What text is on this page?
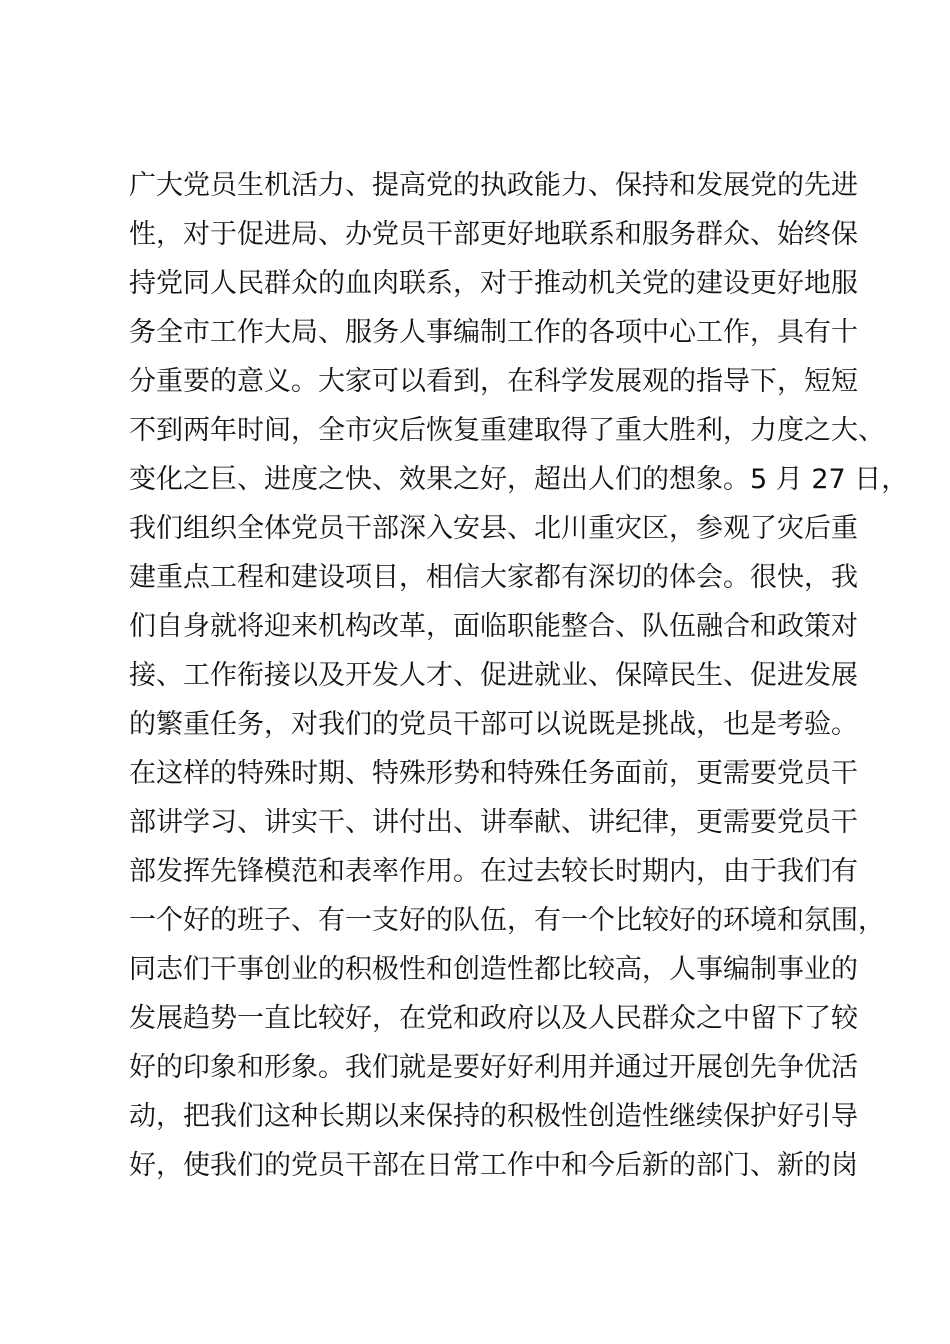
广大党员生机活力、提高党的执政能力、保持和发展党的先进
性，对于促进局、办党员干部更好地联系和服务群众、始终保
持党同人民群众的血肉联系，对于推动机关党的建设更好地服
务全市工作大局、服务人事编制工作的各项中心工作，具有十
分重要的意义。大家可以看到，在科学发展观的指导下，短短
不到两年时间，全市灾后恢复重建取得了重大胜利，力度之大、
变化之巨、进度之快、效果之好，超出人们的想象。5 月 27 日，
我们组织全体党员干部深入安县、北川重灾区，参观了灾后重
建重点工程和建设项目，相信大家都有深切的体会。很快，我
们自身就将迎来机构改革，面临职能整合、队伍融合和政策对
接、工作衔接以及开发人才、促进就业、保障民生、促进发展
的繁重任务，对我们的党员干部可以说既是挑战，也是考验。
在这样的特殊时期、特殊形势和特殊任务面前，更需要党员干
部讲学习、讲实干、讲付出、讲奉献、讲纪律，更需要党员干
部发挥先锋模范和表率作用。在过去较长时期内，由于我们有
一个好的班子、有一支好的队伍，有一个比较好的环境和氛围，
同志们干事创业的积极性和创造性都比较高，人事编制事业的
发展趋势一直比较好，在党和政府以及人民群众之中留下了较
好的印象和形象。我们就是要好好利用并通过开展创先争优活
动，把我们这种长期以来保持的积极性创造性继续保护好引导
好，使我们的党员干部在日常工作中和今后新的部门、新的岗
